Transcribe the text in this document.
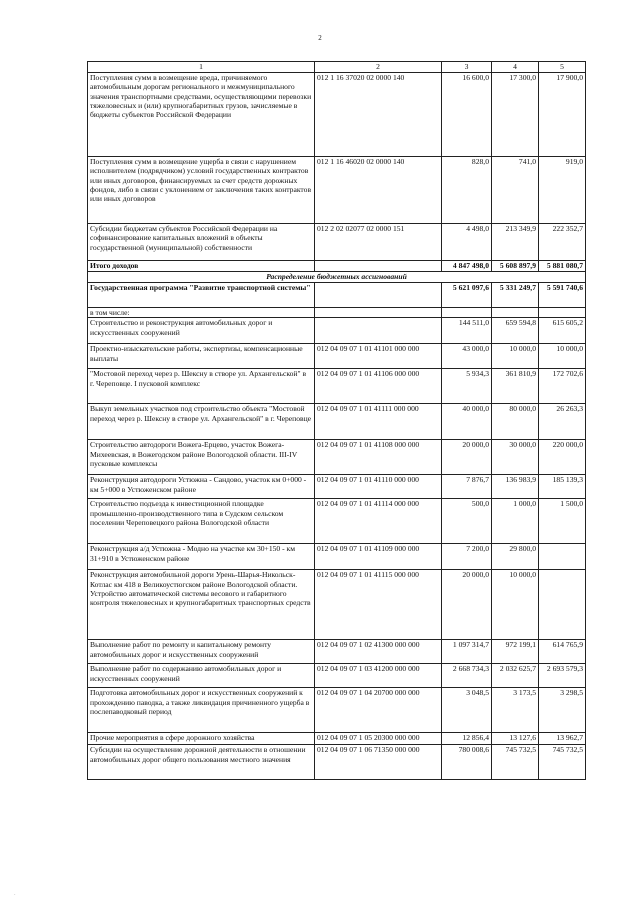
2
1	2	3	4	5
Поступления сумм в возмещение вреда, причиняемого автомобильным дорогам регионального и межмуниципального значения транспортными средствами, осуществляющими перевозки тяжеловесных и (или) крупногабаритных грузов, зачисляемые в бюджеты субъектов Российской Федерации	012 1 16 37020 02 0000 140	16 600,0	17 300,0	17 900,0
Поступления сумм в возмещение ущерба в связи с нарушением исполнителем (подрядчиком) условий государственных контрактов или иных договоров, финансируемых за счет средств дорожных фондов, либо в связи с уклонением от заключения таких контрактов или иных договоров	012 1 16 46020 02 0000 140	828,0	741,0	919,0
Субсидии бюджетам субъектов Российской Федерации на софинансирование капитальных вложений в объекты государственной (муниципальной) собственности	012 2 02 02077 02 0000 151	4 498,0	213 349,9	222 352,7
Итого доходов		4 847 498,0	5 608 897,9	5 881 080,7
Распределение бюджетных ассигнований				
Государственная программа "Развитие транспортной системы"		5 621 097,6	5 331 249,7	5 591 740,6
в том числе:				
Строительство и реконструкция автомобильных дорог и искусственных сооружений		144 511,0	659 594,8	615 605,2
Проектно-изыскательские работы, экспертизы, компенсационные выплаты	012 04 09 07 1 01 41101 000 000	43 000,0	10 000,0	10 000,0
"Мостовой переход через р. Шексну в створе ул. Архангельской" в г. Череповце. I пусковой комплекс	012 04 09 07 1 01 41106 000 000	5 934,3	361 810,9	172 702,6
Выкуп земельных участков под строительство объекта "Мостовой переход через р. Шексну в створе ул. Архангельской" в г. Череповце	012 04 09 07 1 01 41111 000 000	40 000,0	80 000,0	26 263,3
Строительство автодороги Вожега-Ерцево, участок Вожега-Михеевская, в Вожегодском районе Вологодской области. III-IV пусковые комплексы	012 04 09 07 1 01 41108 000 000	20 000,0	30 000,0	220 000,0
Реконструкция автодороги Устюжна - Сандово, участок км 0+000 - км 5+000 в Устюженском районе	012 04 09 07 1 01 41110 000 000	7 876,7	136 983,9	185 139,3
Строительство подъезда к инвестиционной площадке промышленно-производственного типа в Судском сельском поселении Череповецкого района Вологодской области	012 04 09 07 1 01 41114 000 000	500,0	1 000,0	1 500,0
Реконструкция а/д Устюжна - Модно на участке км 30+150 - км 31+910 в Устюженском районе	012 04 09 07 1 01 41109 000 000	7 200,0	29 800,0	
Реконструкция автомобильной дороги Урень-Шарья-Никольск-Котлас км 418 в Великоустюгском районе Вологодской области. Устройство автоматической системы весового и габаритного контроля тяжеловесных и крупногабаритных транспортных средств	012 04 09 07 1 01 41115 000 000	20 000,0	10 000,0	
Выполнение работ по ремонту и капитальному ремонту автомобильных дорог и искусственных сооружений	012 04 09 07 1 02 41300 000 000	1 097 314,7	972 199,1	614 765,9
Выполнение работ по содержанию автомобильных дорог и искусственных сооружений	012 04 09 07 1 03 41200 000 000	2 668 734,3	2 032 625,7	2 693 579,3
Подготовка автомобильных дорог и искусственных сооружений к прохождению паводка, а также ликвидация причиненного ущерба в послепаводковый период	012 04 09 07 1 04 20700 000 000	3 048,5	3 173,5	3 298,5
Прочие мероприятия в сфере дорожного хозяйства	012 04 09 07 1 05 20300 000 000	12 856,4	13 127,6	13 962,7
Субсидии на осуществление дорожной деятельности в отношении автомобильных дорог общего пользования местного значения	012 04 09 07 1 06 71350 000 000	780 008,6	745 732,5	745 732,5
·
